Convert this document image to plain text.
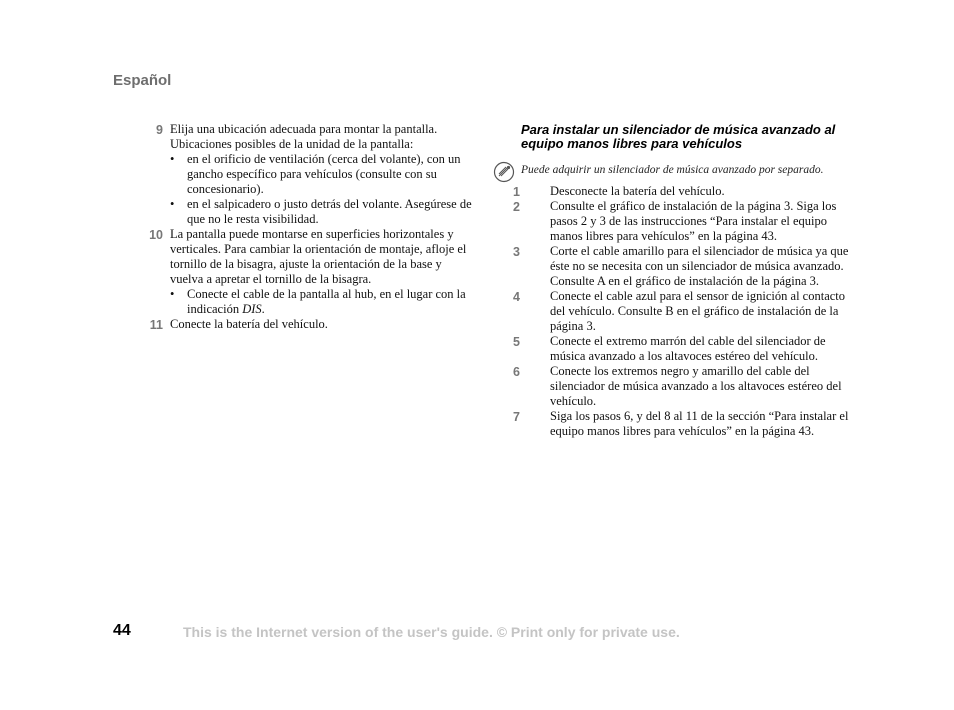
Español
9 Elija una ubicación adecuada para montar la pantalla. Ubicaciones posibles de la unidad de la pantalla:
• en el orificio de ventilación (cerca del volante), con un gancho específico para vehículos (consulte con su concesionario).
• en el salpicadero o justo detrás del volante. Asegúrese de que no le resta visibilidad.
10 La pantalla puede montarse en superficies horizontales y verticales. Para cambiar la orientación de montaje, afloje el tornillo de la bisagra, ajuste la orientación de la base y vuelva a apretar el tornillo de la bisagra.
• Conecte el cable de la pantalla al hub, en el lugar con la indicación DIS.
11 Conecte la batería del vehículo.
Para instalar un silenciador de música avanzado al equipo manos libres para vehículos
Puede adquirir un silenciador de música avanzado por separado.
1	Desconecte la batería del vehículo.
2	Consulte el gráfico de instalación de la página 3. Siga los pasos 2 y 3 de las instrucciones “Para instalar el equipo manos libres para vehículos” en la página 43.
3	Corte el cable amarillo para el silenciador de música ya que éste no se necesita con un silenciador de música avanzado. Consulte A en el gráfico de instalación de la página 3.
4	Conecte el cable azul para el sensor de ignición al contacto del vehículo. Consulte B en el gráfico de instalación de la página 3.
5	Conecte el extremo marrón del cable del silenciador de música avanzado a los altavoces estéreo del vehículo.
6	Conecte los extremos negro y amarillo del cable del silenciador de música avanzado a los altavoces estéreo del vehículo.
7	Siga los pasos 6, y del 8 al 11 de la sección “Para instalar el equipo manos libres para vehículos” en la página 43.
44	This is the Internet version of the user's guide. © Print only for private use.
